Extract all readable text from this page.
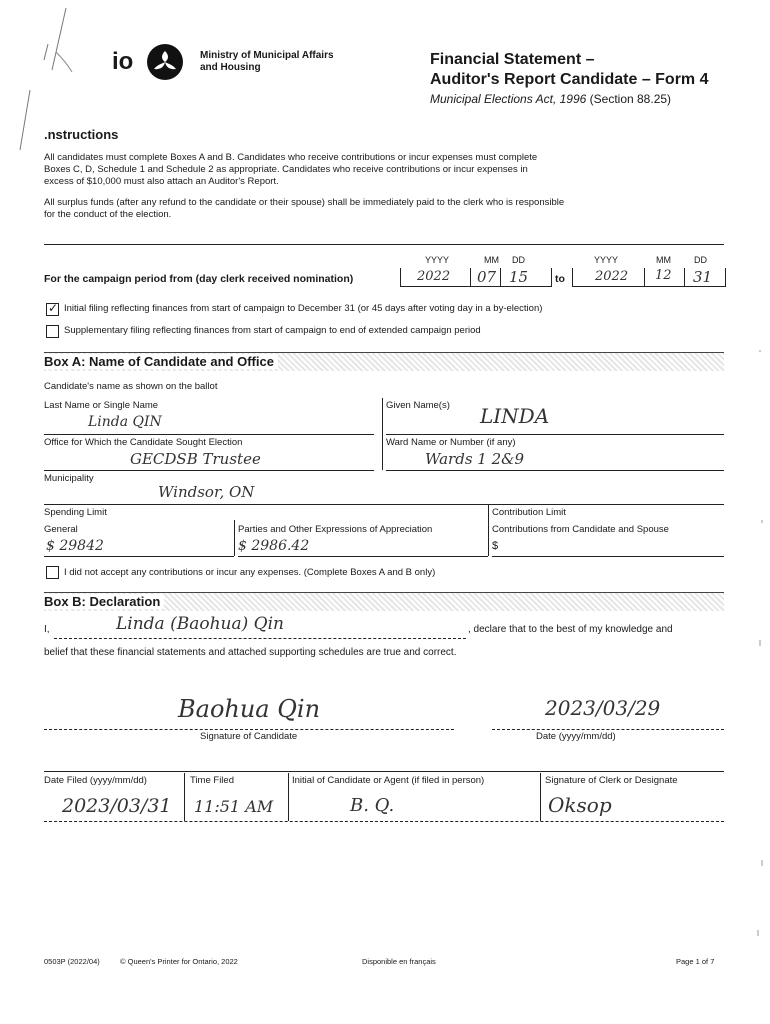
io	Ministry of Municipal Affairs
and Housing	Financial Statement –
Auditor's Report Candidate – Form 4
Municipal Elections Act, 1996 (Section 88.25)
.nstructions
All candidates must complete Boxes A and B. Candidates who receive contributions or incur expenses must complete
Boxes C, D, Schedule 1 and Schedule 2 as appropriate. Candidates who receive contributions or incur expenses in
excess of $10,000 must also attach an Auditor's Report.
All surplus funds (after any refund to the candidate or their spouse) shall be immediately paid to the clerk who is responsible
for the conduct of the election.
YYYY	MM DD	YYYY	MM	DD
For the campaign period from (day clerk received nomination)	2022 07 15	to 2022 12 31
✓ Initial filing reflecting finances from start of campaign to December 31 (or 45 days after voting day in a by-election)
Supplementary filing reflecting finances from start of campaign to end of extended campaign period
Box A: Name of Candidate and Office
Candidate's name as shown on the ballot
Last Name or Single Name
Linda QIN
Given Name(s) LINDA
Office for Which the Candidate Sought Election
GECDSB Trustee
Ward Name or Number (if any)
Wards 1 2&9
Municipality
Windsor, ON
Spending Limit
General
$ 29842
Parties and Other Expressions of Appreciation
$ 2986.42
Contribution Limit
Contributions from Candidate and Spouse
$
I did not accept any contributions or incur any expenses. (Complete Boxes A and B only)
Box B: Declaration
I,	Linda (Baohua) Qin	, declare that to the best of my knowledge and
belief that these financial statements and attached supporting schedules are true and correct.
Baohua Qin
Signature of Candidate
2023/03/29
Date (yyyy/mm/dd)
Date Filed (yyyy/mm/dd)
2023/03/31
Time Filed
11:51 AM
Initial of Candidate or Agent (if filed in person)
B. Q.
Signature of Clerk or Designate
Oksop
0503P (2022/04)	© Queen's Printer for Ontario, 2022	Disponible en français	Page 1 of 7
